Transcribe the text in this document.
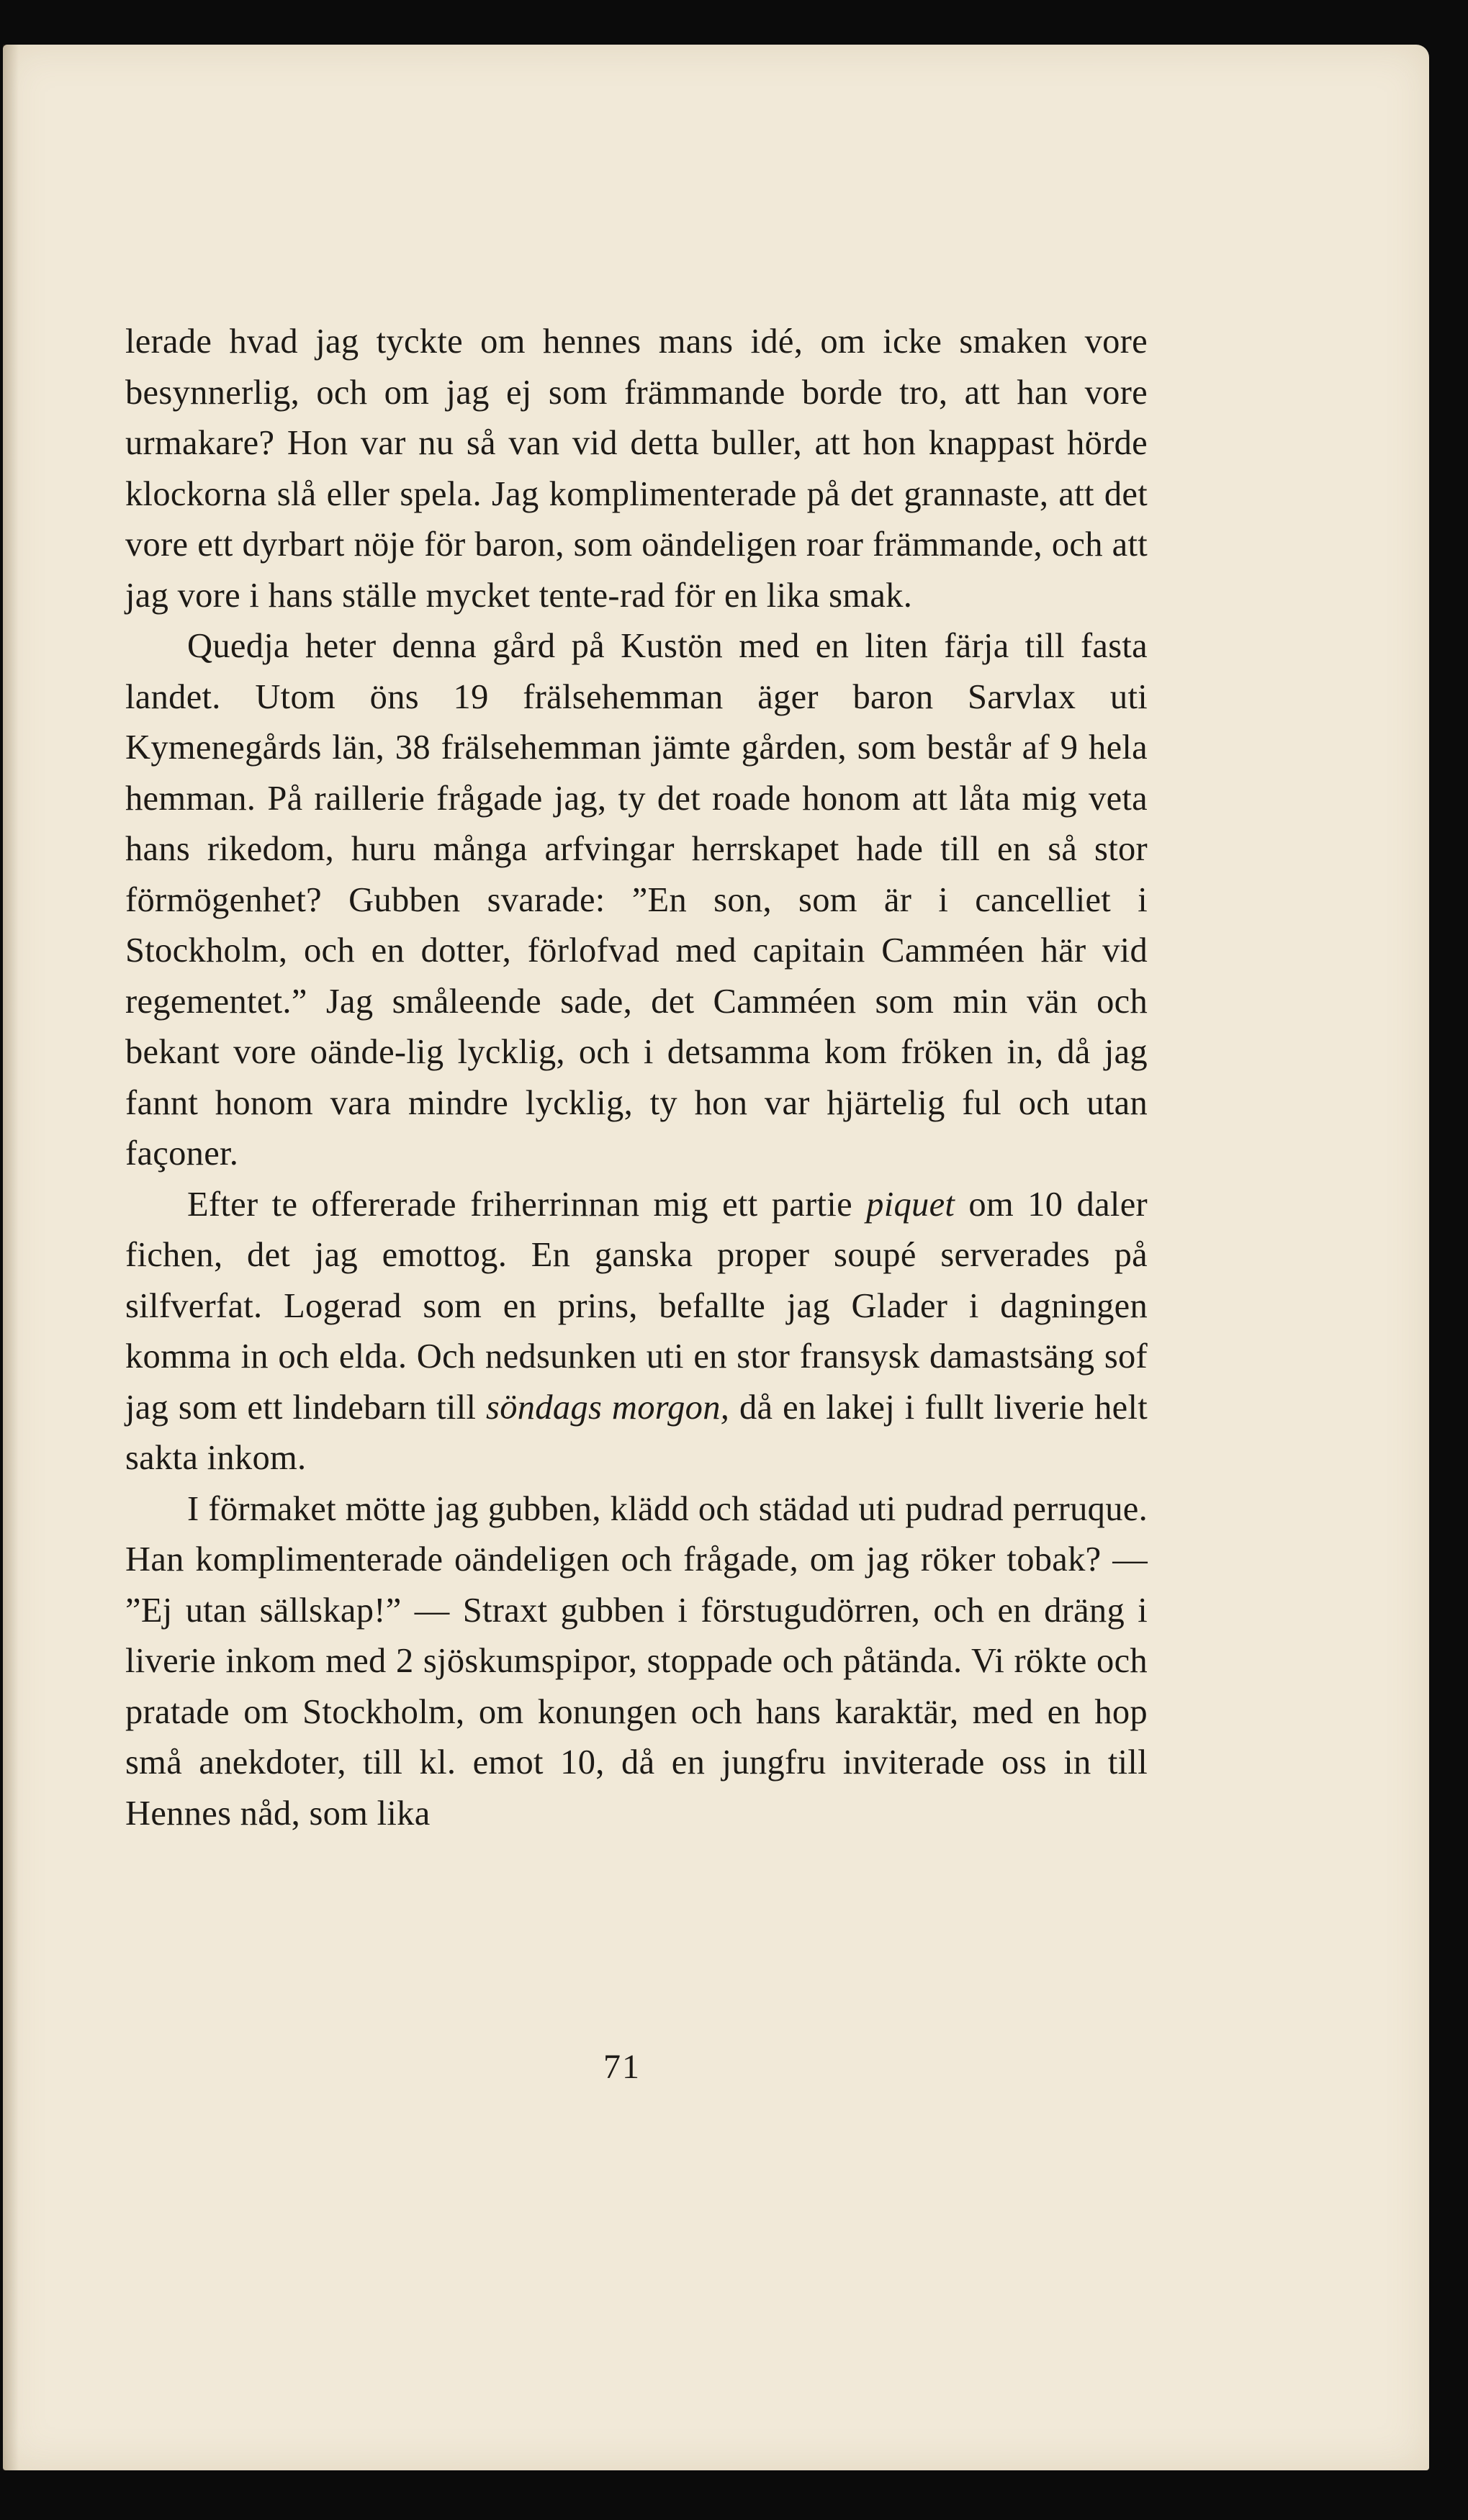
lerade hvad jag tyckte om hennes mans idé, om icke smaken vore besynnerlig, och om jag ej som främmande borde tro, att han vore urmakare? Hon var nu så van vid detta buller, att hon knappast hörde klockorna slå eller spela. Jag komplimenterade på det grannaste, att det vore ett dyrbart nöje för baron, som oändeligen roar främmande, och att jag vore i hans ställe mycket tente-rad för en lika smak.

Quedja heter denna gård på Kustön med en liten färja till fasta landet. Utom öns 19 frälsehemman äger baron Sarvlax uti Kymenegårds län, 38 frälsehemman jämte gården, som består af 9 hela hemman. På raillerie frågade jag, ty det roade honom att låta mig veta hans rikedom, huru många arfvingar herrskapet hade till en så stor förmögenhet? Gubben svarade: ”En son, som är i cancelliet i Stockholm, och en dotter, förlofvad med capitain Camméen här vid regementet.” Jag småleende sade, det Camméen som min vän och bekant vore oände-lig lycklig, och i detsamma kom fröken in, då jag fannt honom vara mindre lycklig, ty hon var hjärtelig ful och utan façoner.

Efter te offererade friherrinnan mig ett partie piquet om 10 daler fichen, det jag emottog. En ganska proper soupé serverades på silfverfat. Logerad som en prins, befallte jag Glader i dagningen komma in och elda. Och nedsunken uti en stor fransysk damastsäng sof jag som ett lindebarn till söndags morgon, då en lakej i fullt liverie helt sakta inkom.

I förmaket mötte jag gubben, klädd och städad uti pudrad perruque. Han komplimenterade oändeligen och frågade, om jag röker tobak? — ”Ej utan sällskap!” — Straxt gubben i förstugudörren, och en dräng i liverie inkom med 2 sjöskumspipor, stoppade och påtända. Vi rökte och pratade om Stockholm, om konungen och hans karaktär, med en hop små anekdoter, till kl. emot 10, då en jungfru inviterade oss in till Hennes nåd, som lika

71
